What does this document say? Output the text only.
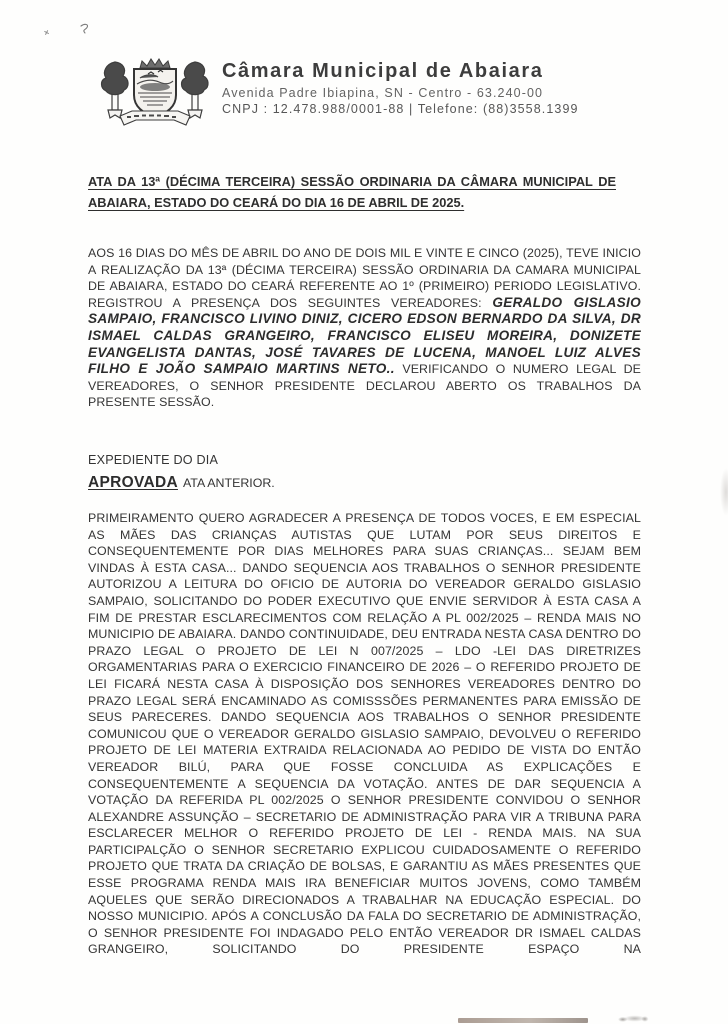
Câmara Municipal de Abaiara
Avenida Padre Ibiapina, SN - Centro - 63.240-00
CNPJ : 12.478.988/0001-88 | Telefone: (88)3558.1399
ATA DA 13ª (DÉCIMA TERCEIRA) SESSÃO ORDINARIA DA CÂMARA MUNICIPAL DE ABAIARA, ESTADO DO CEARÁ DO DIA 16 DE ABRIL DE 2025.
AOS 16 DIAS DO MÊS DE ABRIL DO ANO DE DOIS MIL E VINTE E CINCO (2025), TEVE INICIO A REALIZAÇÃO DA 13ª (DÉCIMA TERCEIRA) SESSÃO ORDINARIA DA CAMARA MUNICIPAL DE ABAIARA, ESTADO DO CEARÁ REFERENTE AO 1º (PRIMEIRO) PERIODO LEGISLATIVO. REGISTROU A PRESENÇA DOS SEGUINTES VEREADORES: GERALDO GISLASIO SAMPAIO, FRANCISCO LIVINO DINIZ, CICERO EDSON BERNARDO DA SILVA, DR ISMAEL CALDAS GRANGEIRO, FRANCISCO ELISEU MOREIRA, DONIZETE EVANGELISTA DANTAS, JOSÉ TAVARES DE LUCENA, MANOEL LUIZ ALVES FILHO E JOÃO SAMPAIO MARTINS NETO.. VERIFICANDO O NUMERO LEGAL DE VEREADORES, O SENHOR PRESIDENTE DECLAROU ABERTO OS TRABALHOS DA PRESENTE SESSÃO.
EXPEDIENTE DO DIA
APROVADA ATA ANTERIOR.
PRIMEIRAMENTO QUERO AGRADECER A PRESENÇA DE TODOS VOCES, E EM ESPECIAL AS MÃES DAS CRIANÇAS AUTISTAS QUE LUTAM POR SEUS DIREITOS E CONSEQUENTEMENTE POR DIAS MELHORES PARA SUAS CRIANÇAS... SEJAM BEM VINDAS À ESTA CASA... DANDO SEQUENCIA AOS TRABALHOS O SENHOR PRESIDENTE AUTORIZOU A LEITURA DO OFICIO DE AUTORIA DO VEREADOR GERALDO GISLASIO SAMPAIO, SOLICITANDO DO PODER EXECUTIVO QUE ENVIE SERVIDOR À ESTA CASA A FIM DE PRESTAR ESCLARECIMENTOS COM RELAÇÃO A PL 002/2025 – RENDA MAIS NO MUNICIPIO DE ABAIARA. DANDO CONTINUIDADE, DEU ENTRADA NESTA CASA DENTRO DO PRAZO LEGAL O PROJETO DE LEI N 007/2025 – LDO -LEI DAS DIRETRIZES ORGAMENTARIAS PARA O EXERCICIO FINANCEIRO DE 2026 – O REFERIDO PROJETO DE LEI FICARÁ NESTA CASA À DISPOSIÇÃO DOS SENHORES VEREADORES DENTRO DO PRAZO LEGAL SERÁ ENCAMINADO AS COMISSSÕES PERMANENTES PARA EMISSÃO DE SEUS PARECERES. DANDO SEQUENCIA AOS TRABALHOS O SENHOR PRESIDENTE COMUNICOU QUE O VEREADOR GERALDO GISLASIO SAMPAIO, DEVOLVEU O REFERIDO PROJETO DE LEI MATERIA EXTRAIDA RELACIONADA AO PEDIDO DE VISTA DO ENTÃO VEREADOR BILÚ, PARA QUE FOSSE CONCLUIDA AS EXPLICAÇÕES E CONSEQUENTEMENTE A SEQUENCIA DA VOTAÇÃO. ANTES DE DAR SEQUENCIA A VOTAÇÃO DA REFERIDA PL 002/2025 O SENHOR PRESIDENTE CONVIDOU O SENHOR ALEXANDRE ASSUNÇÃO – SECRETARIO DE ADMINISTRAÇÃO PARA VIR A TRIBUNA PARA ESCLARECER MELHOR O REFERIDO PROJETO DE LEI - RENDA MAIS. NA SUA PARTICIPALÇÃO O SENHOR SECRETARIO EXPLICOU CUIDADOSAMENTE O REFERIDO PROJETO QUE TRATA DA CRIAÇÃO DE BOLSAS, E GARANTIU AS MÃES PRESENTES QUE ESSE PROGRAMA RENDA MAIS IRA BENEFICIAR MUITOS JOVENS, COMO TAMBÉM AQUELES QUE SERÃO DIRECIONADOS A TRABALHAR NA EDUCAÇÃO ESPECIAL. DO NOSSO MUNICIPIO. APÓS A CONCLUSÃO DA FALA DO SECRETARIO DE ADMINISTRAÇÃO, O SENHOR PRESIDENTE FOI INDAGADO PELO ENTÃO VEREADOR DR ISMAEL CALDAS GRANGEIRO, SOLICITANDO DO PRESIDENTE ESPAÇO NA
